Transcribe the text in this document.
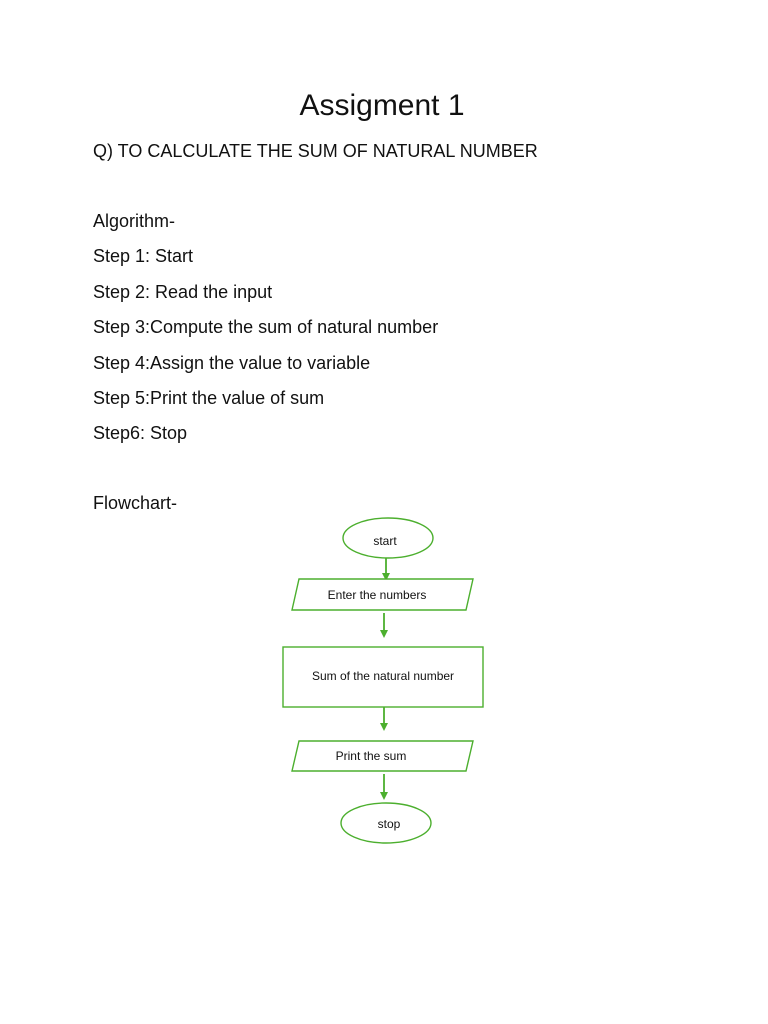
Assigment 1

Q) TO CALCULATE THE SUM OF NATURAL NUMBER

Algorithm-

Step 1: Start

Step 2: Read the input

Step 3:Compute the sum of natural number

Step 4:Assign the value to variable

Step 5:Print the value of sum

Step6: Stop

Flowchart-

start
Enter the numbers
Sum of the natural number
Print the sum
stop
